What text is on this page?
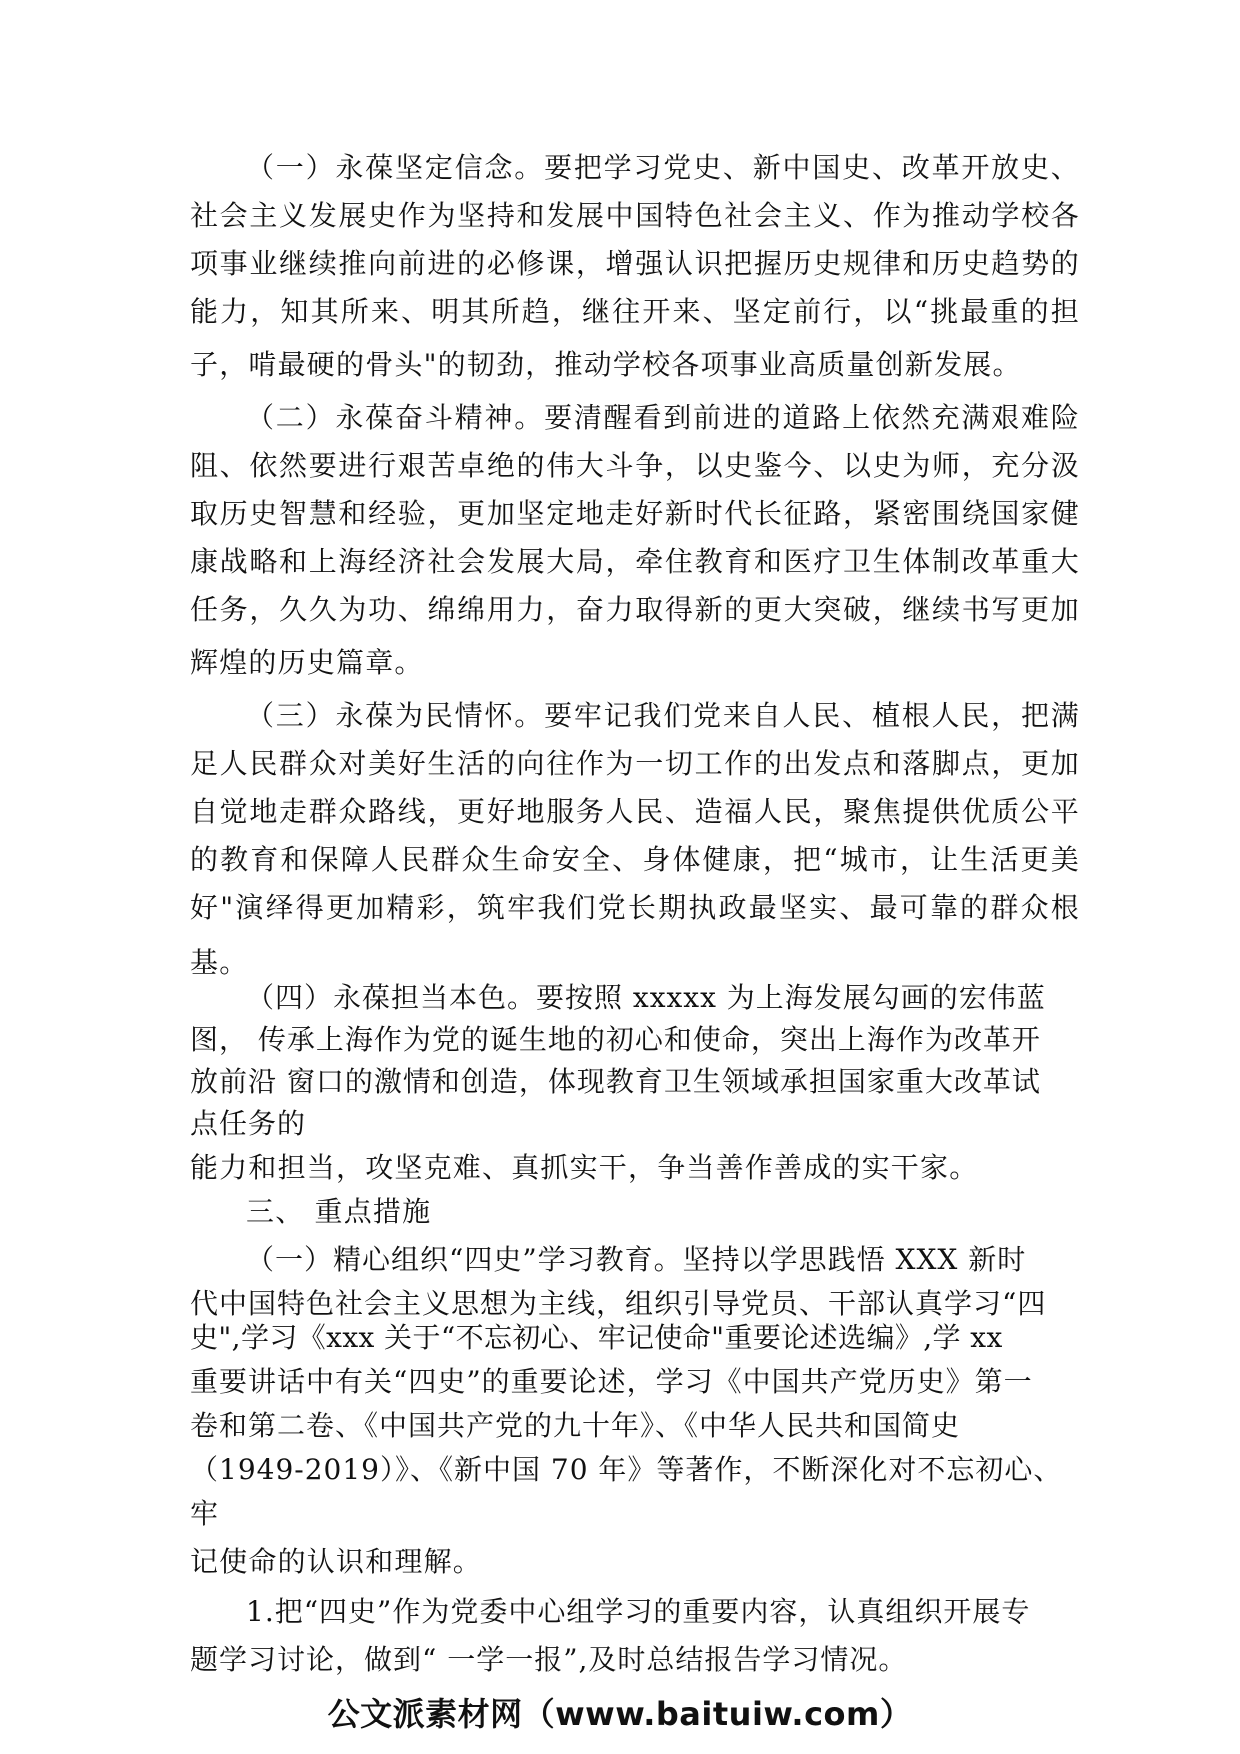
（一）永葆坚定信念。要把学习党史、新中国史、改革开放史、
社会主义发展史作为坚持和发展中国特色社会主义、作为推动学校各
项事业继续推向前进的必修课，增强认识把握历史规律和历史趋势的
能力，知其所来、明其所趋，继往开来、坚定前行，以“挑最重的担
子，啃最硬的骨头"的韧劲，推动学校各项事业高质量创新发展。
（二）永葆奋斗精神。要清醒看到前进的道路上依然充满艰难险
阻、依然要进行艰苦卓绝的伟大斗争，以史鉴今、以史为师，充分汲
取历史智慧和经验，更加坚定地走好新时代长征路，紧密围绕国家健
康战略和上海经济社会发展大局，牵住教育和医疗卫生体制改革重大
任务，久久为功、绵绵用力，奋力取得新的更大突破，继续书写更加
辉煌的历史篇章。
（三）永葆为民情怀。要牢记我们党来自人民、植根人民，把满
足人民群众对美好生活的向往作为一切工作的出发点和落脚点，更加
自觉地走群众路线，更好地服务人民、造福人民，聚焦提供优质公平
的教育和保障人民群众生命安全、身体健康，把“城市，让生活更美
好"演绎得更加精彩，筑牢我们党长期执政最坚实、最可靠的群众根
基。
（四）永葆担当本色。要按照 xxxxx 为上海发展勾画的宏伟蓝
图， 传承上海作为党的诞生地的初心和使命，突出上海作为改革开
放前沿 窗口的激情和创造，体现教育卫生领域承担国家重大改革试
点任务的
能力和担当，攻坚克难、真抓实干，争当善作善成的实干家。
三、 重点措施
（一）精心组织“四史”学习教育。坚持以学思践悟 XXX 新时
代中国特色社会主义思想为主线，组织引导党员、干部认真学习“四
史",学习《xxx 关于“不忘初心、牢记使命"重要论述选编》,学 xx
重要讲话中有关“四史”的重要论述，学习《中国共产党历史》第一
卷和第二卷、《中国共产党的九十年》、《中华人民共和国简史
（1949-2019）》、《新中国 70 年》等著作，不断深化对不忘初心、
牢
记使命的认识和理解。
1.把“四史”作为党委中心组学习的重要内容，认真组织开展专
题学习讨论，做到“ 一学一报”,及时总结报告学习情况。
公文派素材网（www.baituiw.com）
